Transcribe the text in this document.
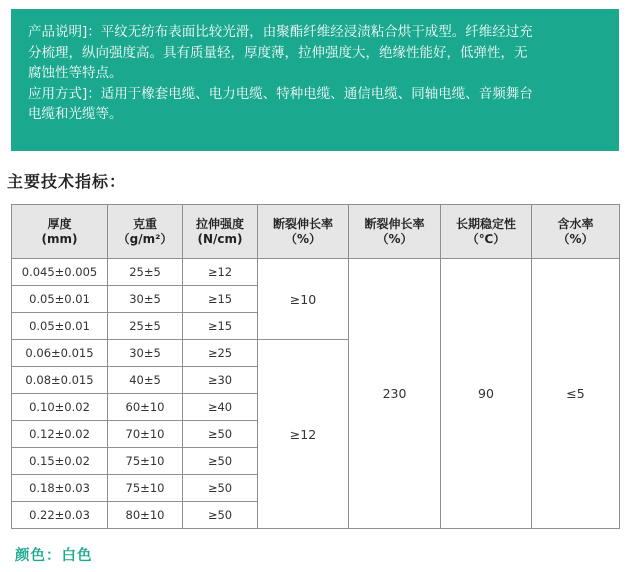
产品说明]：平纹无纺布表面比较光滑，由聚酯纤维经浸渍粘合烘干成型。纤维经过充

分梳理，纵向强度高。具有质量轻，厚度薄，拉伸强度大，绝缘性能好，低弹性，无

腐蚀性等特点。

应用方式]：适用于橡套电缆、电力电缆、特种电缆、通信电缆、同轴电缆、音频舞台

电缆和光缆等。

主要技术指标：
厚度
(mm)	克重
（g/m²）	拉伸强度
(N/cm)	断裂伸长率
（%）	断裂伸长率
（%）	长期稳定性
（℃）	含水率
（%）
0.045±0.005	25±5	≥12	≥10	230	90	≤5
0.05±0.01	30±5	≥15				
0.05±0.01	25±5	≥15				
0.06±0.015	30±5	≥25	≥12			
0.08±0.015	40±5	≥30				
0.10±0.02	60±10	≥40				
0.12±0.02	70±10	≥50				
0.15±0.02	75±10	≥50				
0.18±0.03	75±10	≥50				
0.22±0.03	80±10	≥50				
颜色：白色
